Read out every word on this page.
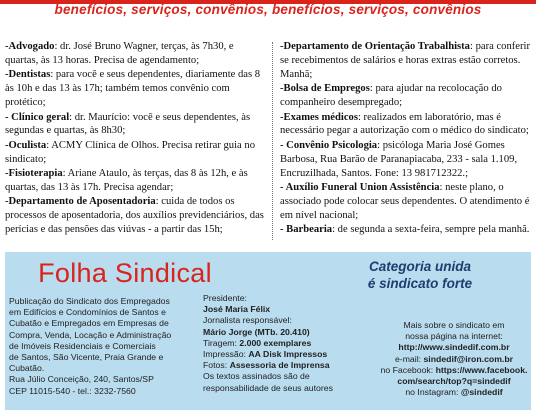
benefícios, serviços, convênios, benefícios, serviços, convênios
-Advogado: dr. José Bruno Wagner, terças, às 7h30, e quartas, às 13 horas. Precisa de agendamento;
-Dentistas: para você e seus dependentes, diariamente das 8 às 10h e das 13 às 17h; também temos convênio com protético;
- Clínico geral: dr. Maurício: você e seus dependentes, às segundas e quartas, às 8h30;
-Oculista: ACMY Clínica de Olhos. Precisa retirar guia no sindicato;
-Fisioterapia: Ariane Ataulo, às terças, das 8 às 12h, e às quartas, das 13 às 17h. Precisa agendar;
-Departamento de Aposentadoria: cuida de todos os processos de aposentadoria, dos auxílios previdenciários, das perícias e das pensões das viúvas - a partir das 15h;
-Departamento de Orientação Trabalhista: para conferir se recebimentos de salários e horas extras estão corretos. Manhã;
-Bolsa de Empregos: para ajudar na recolocação do companheiro desempregado;
-Exames médicos: realizados em laboratório, mas é necessário pegar a autorização com o médico do sindicato;
- Convênio Psicologia: psicóloga Maria José Gomes Barbosa, Rua Barão de Paranapiacaba, 233 - sala 1.109, Encruzilhada, Santos. Fone: 13 981712322.;
- Auxílio Funeral Union Assistência: neste plano, o associado pode colocar seus dependentes. O atendimento é em nível nacional;
- Barbearia: de segunda a sexta-feira, sempre pela manhã.
Folha Sindical	Categoria unida
é sindicato forte
Publicação do Sindicato dos Empregados
em Edifícios e Condomínios de Santos e
Cubatão e Empregados em Empresas de
Compra, Venda, Locação e Administração
de Imóveis Residenciais e Comerciais
de Santos, São Vicente, Praia Grande e
Cubatão.
Rua Júlio Conceição, 240, Santos/SP
CEP 11015-540 - tel.: 3232-7560
Presidente:
José Maria Félix
Jornalista responsável:
Mário Jorge (MTb. 20.410)
Tiragem: 2.000 exemplares
Impressão: AA Disk Impressos
Fotos: Assessoria de Imprensa
Os textos assinados são de
responsabilidade de seus autores
Mais sobre o sindicato em
nossa página na internet:
http://www.sindedif.com.br
e-mail: sindedif@iron.com.br
no Facebook: https://www.facebook.
com/search/top?q=sindedif
no Instagram: @sindedif
